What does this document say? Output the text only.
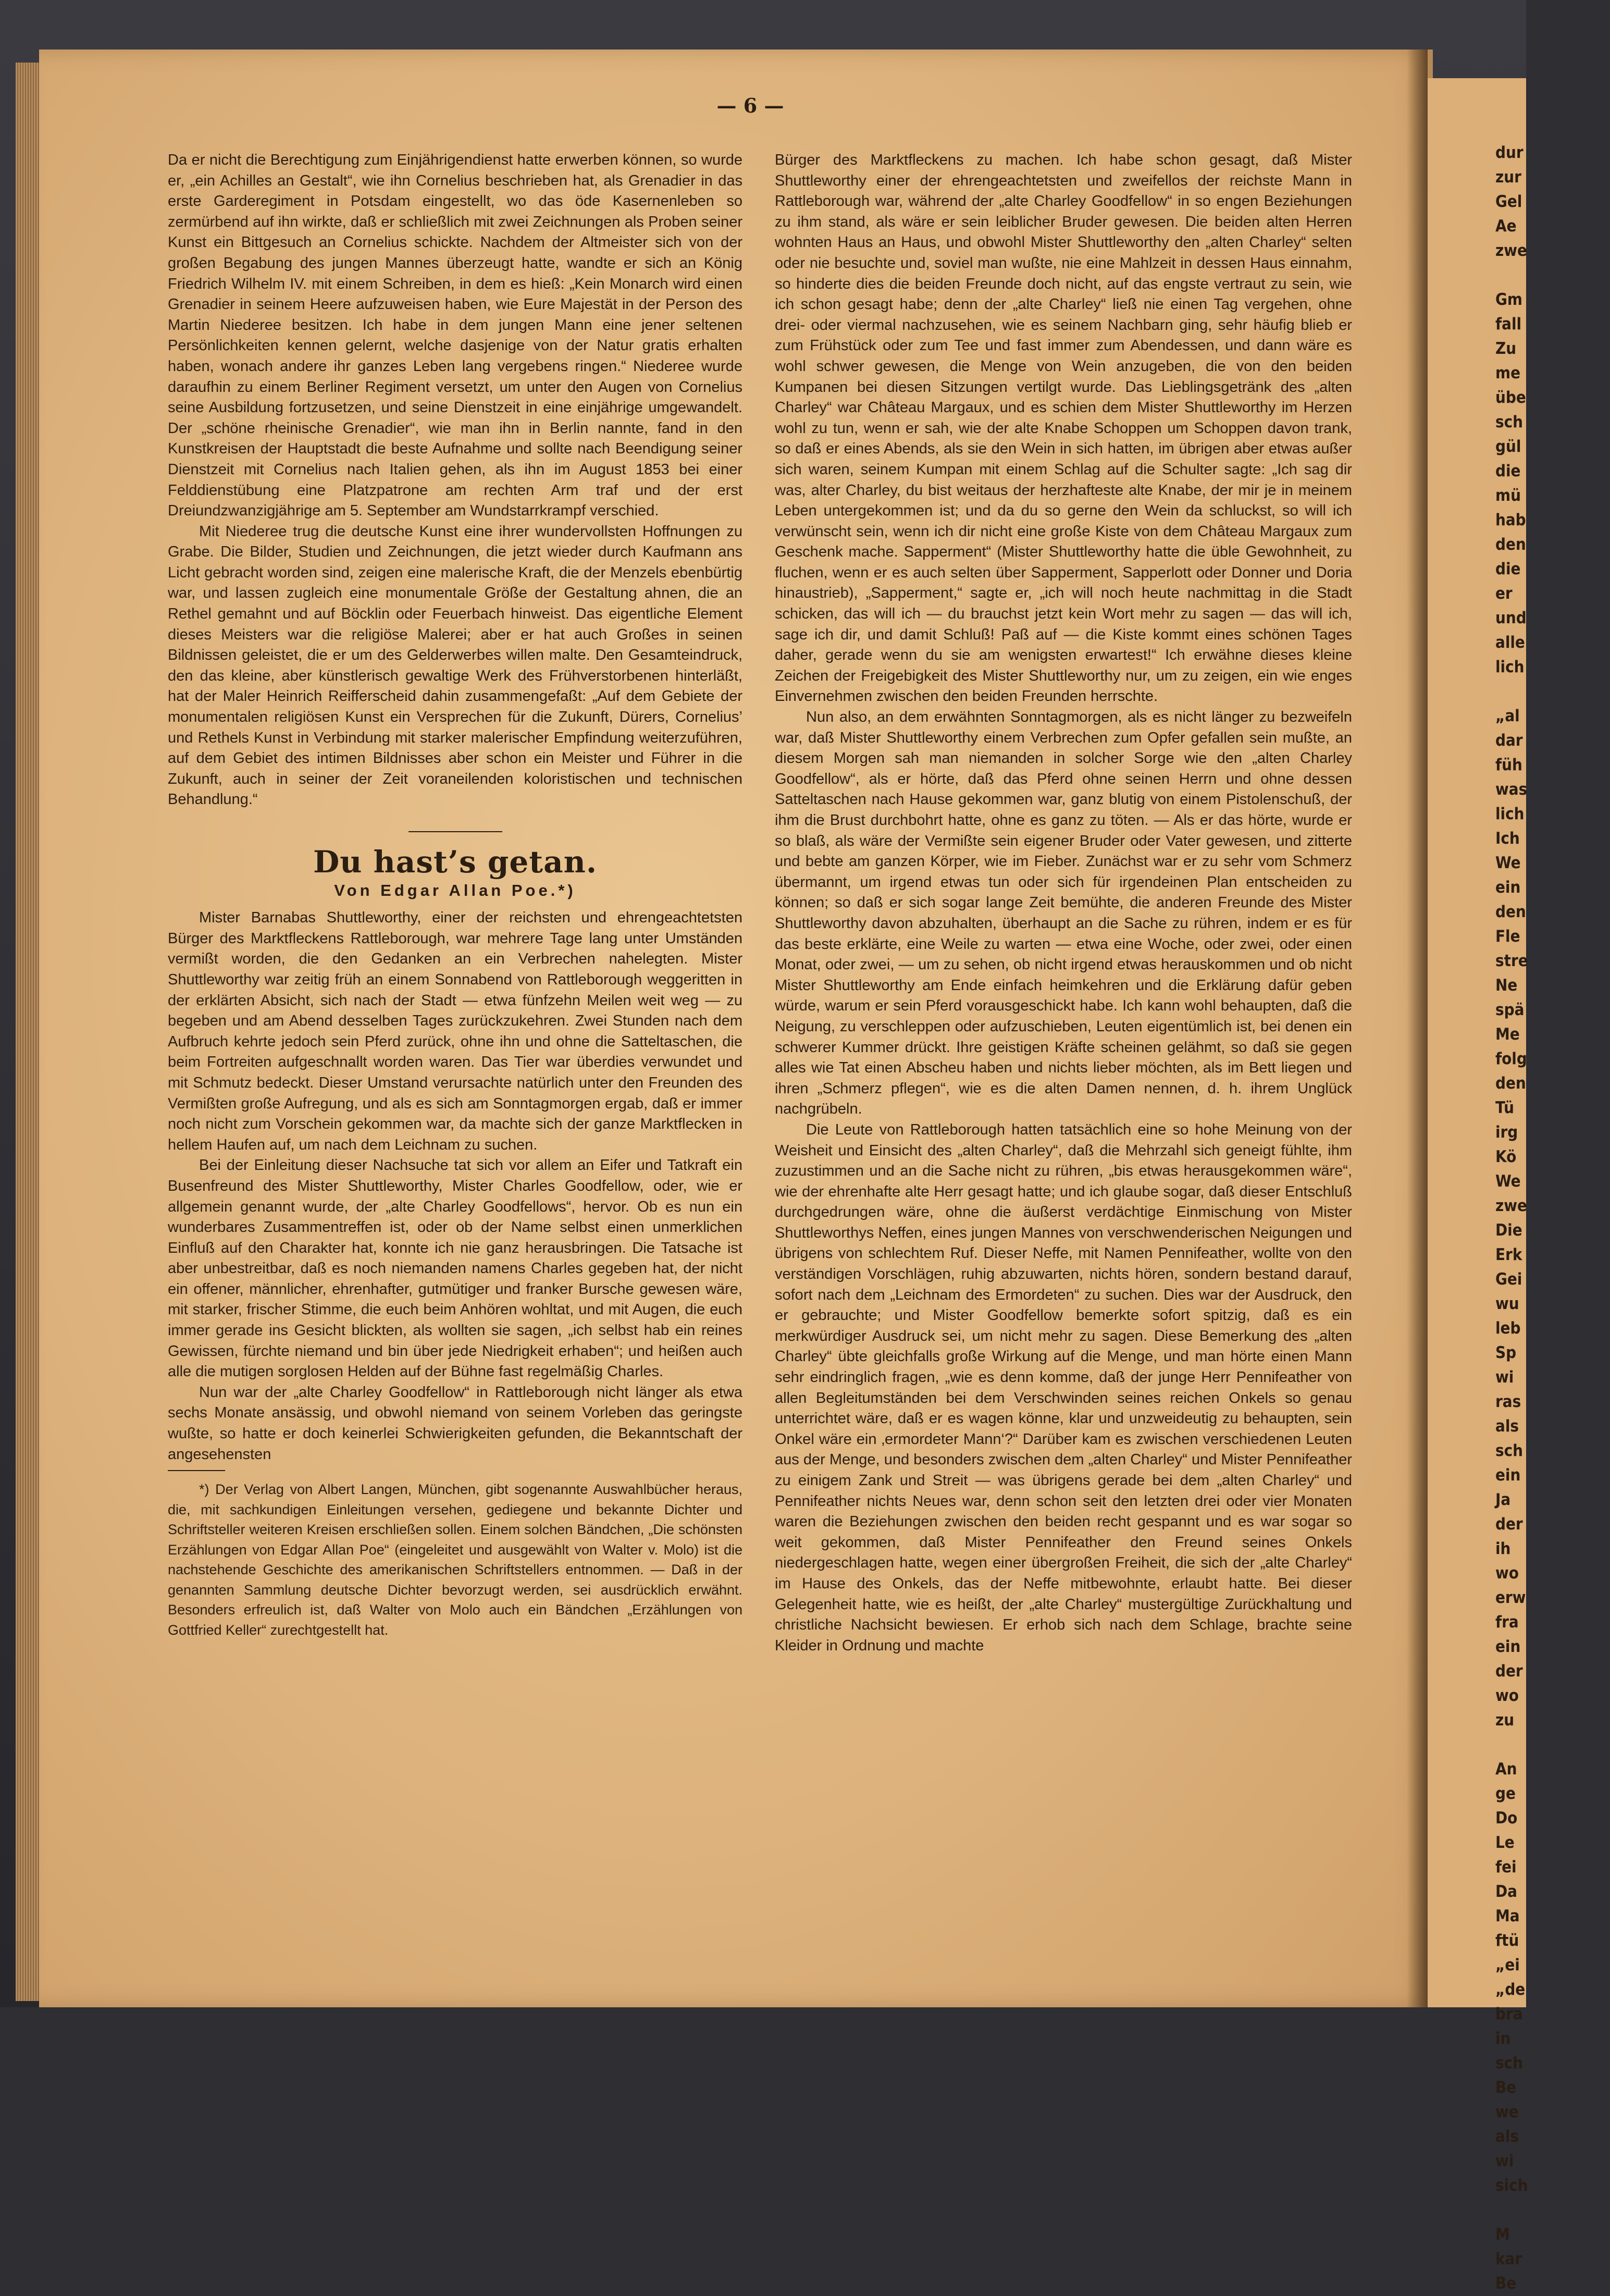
dur
zur
Gel
Ae
zwe
Gm
fall
Zu
me
übe
sch
gül
die
mü
hab
den
die
er
und
alle
lich
„al
dar
füh
was
lich
Ich
We
ein
den
Fle
stre
Ne
spä
Me
folg
den
Tü
irg
Kö
We
zwe
Die
Erk
Gei
wu
leb
Sp
wi
ras
als
sch
ein
Ja
der
ih
wo
erw
fra
ein
der
wo
zu
An
ge
Do
Le
fei
Da
Ma
ftü
„ei
„de
bra
in
sch
Be
we
als
wi
sich
M
kar
Be
— 6 —

Da er nicht die Berechtigung zum Einjährigendienst hatte erwerben können, so wurde er, „ein Achilles an Gestalt“, wie ihn Cornelius beschrieben hat, als Grenadier in das erste Garderegiment in Potsdam eingestellt, wo das öde Kasernenleben so zermürbend auf ihn wirkte, daß er schließlich mit zwei Zeichnungen als Proben seiner Kunst ein Bittgesuch an Cornelius schickte. Nachdem der Altmeister sich von der großen Begabung des jungen Mannes überzeugt hatte, wandte er sich an König Friedrich Wilhelm IV. mit einem Schreiben, in dem es hieß: „Kein Monarch wird einen Grenadier in seinem Heere aufzuweisen haben, wie Eure Majestät in der Person des Martin Niederee besitzen. Ich habe in dem jungen Mann eine jener seltenen Persönlichkeiten kennen gelernt, welche dasjenige von der Natur gratis erhalten haben, wonach andere ihr ganzes Leben lang vergebens ringen.“ Niederee wurde daraufhin zu einem Berliner Regiment versetzt, um unter den Augen von Cornelius seine Ausbildung fortzusetzen, und seine Dienstzeit in eine einjährige umgewandelt. Der „schöne rheinische Grenadier“, wie man ihn in Berlin nannte, fand in den Kunstkreisen der Hauptstadt die beste Aufnahme und sollte nach Beendigung seiner Dienstzeit mit Cornelius nach Italien gehen, als ihn im August 1853 bei einer Felddienstübung eine Platzpatrone am rechten Arm traf und der erst Dreiundzwanzigjährige am 5. September am Wundstarrkrampf verschied.

Mit Niederee trug die deutsche Kunst eine ihrer wundervollsten Hoffnungen zu Grabe. Die Bilder, Studien und Zeichnungen, die jetzt wieder durch Kaufmann ans Licht gebracht worden sind, zeigen eine malerische Kraft, die der Menzels ebenbürtig war, und lassen zugleich eine monumentale Größe der Gestaltung ahnen, die an Rethel gemahnt und auf Böcklin oder Feuerbach hinweist. Das eigentliche Element dieses Meisters war die religiöse Malerei; aber er hat auch Großes in seinen Bildnissen geleistet, die er um des Gelderwerbes willen malte. Den Gesamteindruck, den das kleine, aber künstlerisch gewaltige Werk des Frühverstorbenen hinterläßt, hat der Maler Heinrich Reifferscheid dahin zusammengefaßt: „Auf dem Gebiete der monumentalen religiösen Kunst ein Versprechen für die Zukunft, Dürers, Cornelius’ und Rethels Kunst in Verbindung mit starker malerischer Empfindung weiterzuführen, auf dem Gebiet des intimen Bildnisses aber schon ein Meister und Führer in die Zukunft, auch in seiner der Zeit voraneilenden koloristischen und technischen Behandlung.“

Du hast’s getan.
Von Edgar Allan Poe.*)

Mister Barnabas Shuttleworthy, einer der reichsten und ehrengeachtetsten Bürger des Marktfleckens Rattleborough, war mehrere Tage lang unter Umständen vermißt worden, die den Gedanken an ein Verbrechen nahelegten. Mister Shuttleworthy war zeitig früh an einem Sonnabend von Rattleborough weggeritten in der erklärten Absicht, sich nach der Stadt — etwa fünfzehn Meilen weit weg — zu begeben und am Abend desselben Tages zurückzukehren. Zwei Stunden nach dem Aufbruch kehrte jedoch sein Pferd zurück, ohne ihn und ohne die Satteltaschen, die beim Fortreiten aufgeschnallt worden waren. Das Tier war überdies verwundet und mit Schmutz bedeckt. Dieser Umstand verursachte natürlich unter den Freunden des Vermißten große Aufregung, und als es sich am Sonntagmorgen ergab, daß er immer noch nicht zum Vorschein gekommen war, da machte sich der ganze Marktflecken in hellem Haufen auf, um nach dem Leichnam zu suchen.

Bei der Einleitung dieser Nachsuche tat sich vor allem an Eifer und Tatkraft ein Busenfreund des Mister Shuttleworthy, Mister Charles Goodfellow, oder, wie er allgemein genannt wurde, der „alte Charley Goodfellows“, hervor. Ob es nun ein wunderbares Zusammentreffen ist, oder ob der Name selbst einen unmerklichen Einfluß auf den Charakter hat, konnte ich nie ganz herausbringen. Die Tatsache ist aber unbestreitbar, daß es noch niemanden namens Charles gegeben hat, der nicht ein offener, männlicher, ehrenhafter, gutmütiger und franker Bursche gewesen wäre, mit starker, frischer Stimme, die euch beim Anhören wohltat, und mit Augen, die euch immer gerade ins Gesicht blickten, als wollten sie sagen, „ich selbst hab ein reines Gewissen, fürchte niemand und bin über jede Niedrigkeit erhaben“; und heißen auch alle die mutigen sorglosen Helden auf der Bühne fast regelmäßig Charles.

Nun war der „alte Charley Goodfellow“ in Rattleborough nicht länger als etwa sechs Monate ansässig, und obwohl niemand von seinem Vorleben das geringste wußte, so hatte er doch keinerlei Schwierigkeiten gefunden, die Bekanntschaft der angesehensten

*) Der Verlag von Albert Langen, München, gibt sogenannte Auswahlbücher heraus, die, mit sachkundigen Einleitungen versehen, gediegene und bekannte Dichter und Schriftsteller weiteren Kreisen erschließen sollen. Einem solchen Bändchen, „Die schönsten Erzählungen von Edgar Allan Poe“ (eingeleitet und ausgewählt von Walter v. Molo) ist die nachstehende Geschichte des amerikanischen Schriftstellers entnommen. — Daß in der genannten Sammlung deutsche Dichter bevorzugt werden, sei ausdrücklich erwähnt. Besonders erfreulich ist, daß Walter von Molo auch ein Bändchen „Erzählungen von Gottfried Keller“ zurechtgestellt hat.

Bürger des Marktfleckens zu machen. Ich habe schon gesagt, daß Mister Shuttleworthy einer der ehrengeachtetsten und zweifellos der reichste Mann in Rattleborough war, während der „alte Charley Goodfellow“ in so engen Beziehungen zu ihm stand, als wäre er sein leiblicher Bruder gewesen. Die beiden alten Herren wohnten Haus an Haus, und obwohl Mister Shuttleworthy den „alten Charley“ selten oder nie besuchte und, soviel man wußte, nie eine Mahlzeit in dessen Haus einnahm, so hinderte dies die beiden Freunde doch nicht, auf das engste vertraut zu sein, wie ich schon gesagt habe; denn der „alte Charley“ ließ nie einen Tag vergehen, ohne drei- oder viermal nachzusehen, wie es seinem Nachbarn ging, sehr häufig blieb er zum Frühstück oder zum Tee und fast immer zum Abendessen, und dann wäre es wohl schwer gewesen, die Menge von Wein anzugeben, die von den beiden Kumpanen bei diesen Sitzungen vertilgt wurde. Das Lieblingsgetränk des „alten Charley“ war Château Margaux, und es schien dem Mister Shuttleworthy im Herzen wohl zu tun, wenn er sah, wie der alte Knabe Schoppen um Schoppen davon trank, so daß er eines Abends, als sie den Wein in sich hatten, im übrigen aber etwas außer sich waren, seinem Kumpan mit einem Schlag auf die Schulter sagte: „Ich sag dir was, alter Charley, du bist weitaus der herzhafteste alte Knabe, der mir je in meinem Leben untergekommen ist; und da du so gerne den Wein da schluckst, so will ich verwünscht sein, wenn ich dir nicht eine große Kiste von dem Château Margaux zum Geschenk mache. Sapperment“ (Mister Shuttleworthy hatte die üble Gewohnheit, zu fluchen, wenn er es auch selten über Sapperment, Sapperlott oder Donner und Doria hinaustrieb), „Sapperment,“ sagte er, „ich will noch heute nachmittag in die Stadt schicken, das will ich — du brauchst jetzt kein Wort mehr zu sagen — das will ich, sage ich dir, und damit Schluß! Paß auf — die Kiste kommt eines schönen Tages daher, gerade wenn du sie am wenigsten erwartest!“ Ich erwähne dieses kleine Zeichen der Freigebigkeit des Mister Shuttleworthy nur, um zu zeigen, ein wie enges Einvernehmen zwischen den beiden Freunden herrschte.

Nun also, an dem erwähnten Sonntagmorgen, als es nicht länger zu bezweifeln war, daß Mister Shuttleworthy einem Verbrechen zum Opfer gefallen sein mußte, an diesem Morgen sah man niemanden in solcher Sorge wie den „alten Charley Goodfellow“, als er hörte, daß das Pferd ohne seinen Herrn und ohne dessen Satteltaschen nach Hause gekommen war, ganz blutig von einem Pistolenschuß, der ihm die Brust durchbohrt hatte, ohne es ganz zu töten. — Als er das hörte, wurde er so blaß, als wäre der Vermißte sein eigener Bruder oder Vater gewesen, und zitterte und bebte am ganzen Körper, wie im Fieber. Zunächst war er zu sehr vom Schmerz übermannt, um irgend etwas tun oder sich für irgendeinen Plan entscheiden zu können; so daß er sich sogar lange Zeit bemühte, die anderen Freunde des Mister Shuttleworthy davon abzuhalten, überhaupt an die Sache zu rühren, indem er es für das beste erklärte, eine Weile zu warten — etwa eine Woche, oder zwei, oder einen Monat, oder zwei, — um zu sehen, ob nicht irgend etwas herauskommen und ob nicht Mister Shuttleworthy am Ende einfach heimkehren und die Erklärung dafür geben würde, warum er sein Pferd vorausgeschickt habe. Ich kann wohl behaupten, daß die Neigung, zu verschleppen oder aufzuschieben, Leuten eigentümlich ist, bei denen ein schwerer Kummer drückt. Ihre geistigen Kräfte scheinen gelähmt, so daß sie gegen alles wie Tat einen Abscheu haben und nichts lieber möchten, als im Bett liegen und ihren „Schmerz pflegen“, wie es die alten Damen nennen, d. h. ihrem Unglück nachgrübeln.

Die Leute von Rattleborough hatten tatsächlich eine so hohe Meinung von der Weisheit und Einsicht des „alten Charley“, daß die Mehrzahl sich geneigt fühlte, ihm zuzustimmen und an die Sache nicht zu rühren, „bis etwas herausgekommen wäre“, wie der ehrenhafte alte Herr gesagt hatte; und ich glaube sogar, daß dieser Entschluß durchgedrungen wäre, ohne die äußerst verdächtige Einmischung von Mister Shuttleworthys Neffen, eines jungen Mannes von verschwenderischen Neigungen und übrigens von schlechtem Ruf. Dieser Neffe, mit Namen Pennifeather, wollte von den verständigen Vorschlägen, ruhig abzuwarten, nichts hören, sondern bestand darauf, sofort nach dem „Leichnam des Ermordeten“ zu suchen. Dies war der Ausdruck, den er gebrauchte; und Mister Goodfellow bemerkte sofort spitzig, daß es ein merkwürdiger Ausdruck sei, um nicht mehr zu sagen. Diese Bemerkung des „alten Charley“ übte gleichfalls große Wirkung auf die Menge, und man hörte einen Mann sehr eindringlich fragen, „wie es denn komme, daß der junge Herr Pennifeather von allen Begleitumständen bei dem Verschwinden seines reichen Onkels so genau unterrichtet wäre, daß er es wagen könne, klar und unzweideutig zu behaupten, sein Onkel wäre ein ‚ermordeter Mann‘?“ Darüber kam es zwischen verschiedenen Leuten aus der Menge, und besonders zwischen dem „alten Charley“ und Mister Pennifeather zu einigem Zank und Streit — was übrigens gerade bei dem „alten Charley“ und Pennifeather nichts Neues war, denn schon seit den letzten drei oder vier Monaten waren die Beziehungen zwischen den beiden recht gespannt und es war sogar so weit gekommen, daß Mister Pennifeather den Freund seines Onkels niedergeschlagen hatte, wegen einer übergroßen Freiheit, die sich der „alte Charley“ im Hause des Onkels, das der Neffe mitbewohnte, erlaubt hatte. Bei dieser Gelegenheit hatte, wie es heißt, der „alte Charley“ mustergültige Zurückhaltung und christliche Nachsicht bewiesen. Er erhob sich nach dem Schlage, brachte seine Kleider in Ordnung und machte
